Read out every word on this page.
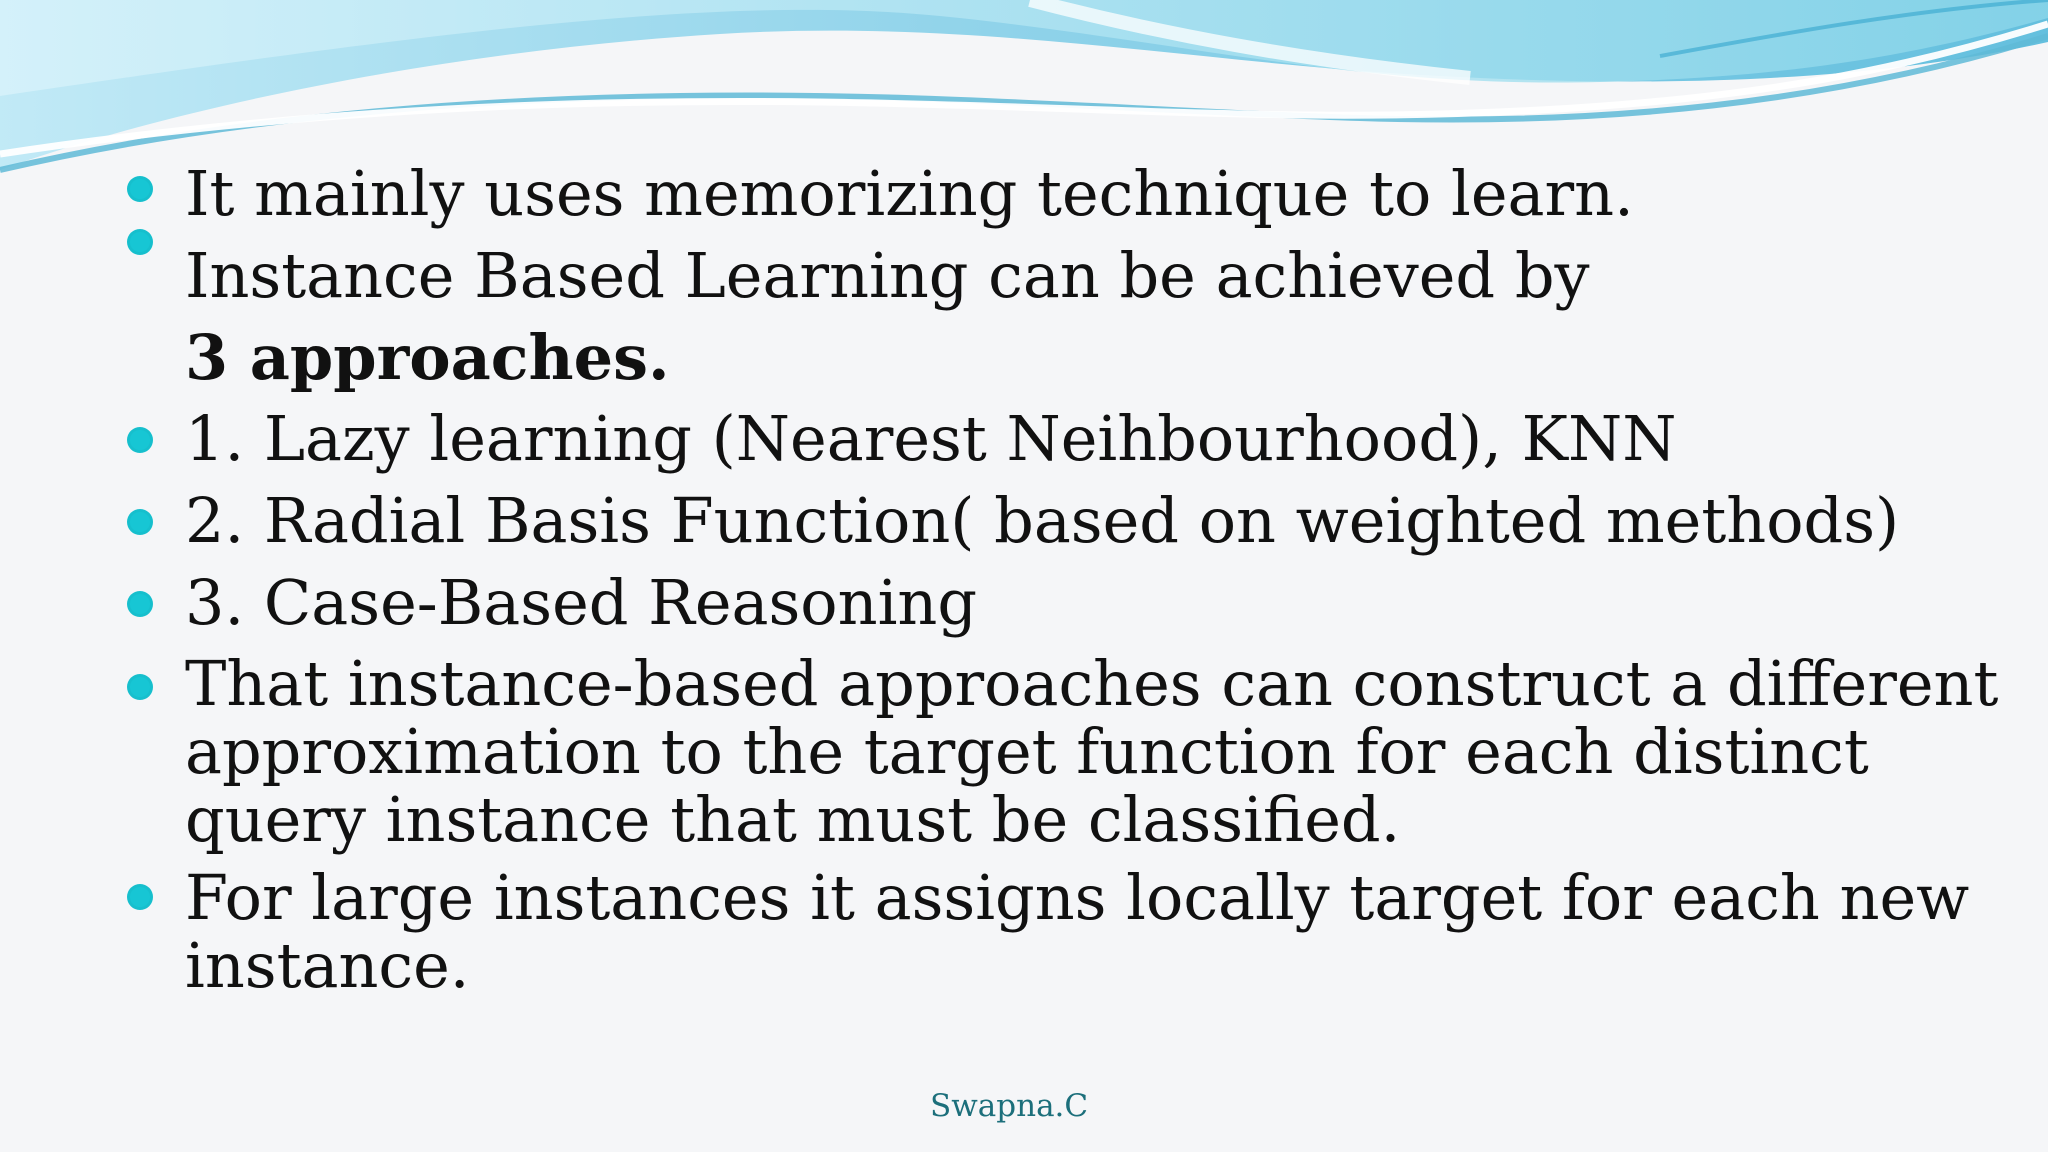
It mainly uses memorizing technique to learn.
Instance Based Learning can be achieved by
3 approaches.
1. Lazy learning (Nearest Neihbourhood), KNN
2. Radial Basis Function( based on weighted methods)
3. Case-Based Reasoning
That instance-based approaches can construct a different
approximation to the target function for each distinct
query instance that must be classified.
For large instances it assigns locally target for each new
instance.
Swapna.C
